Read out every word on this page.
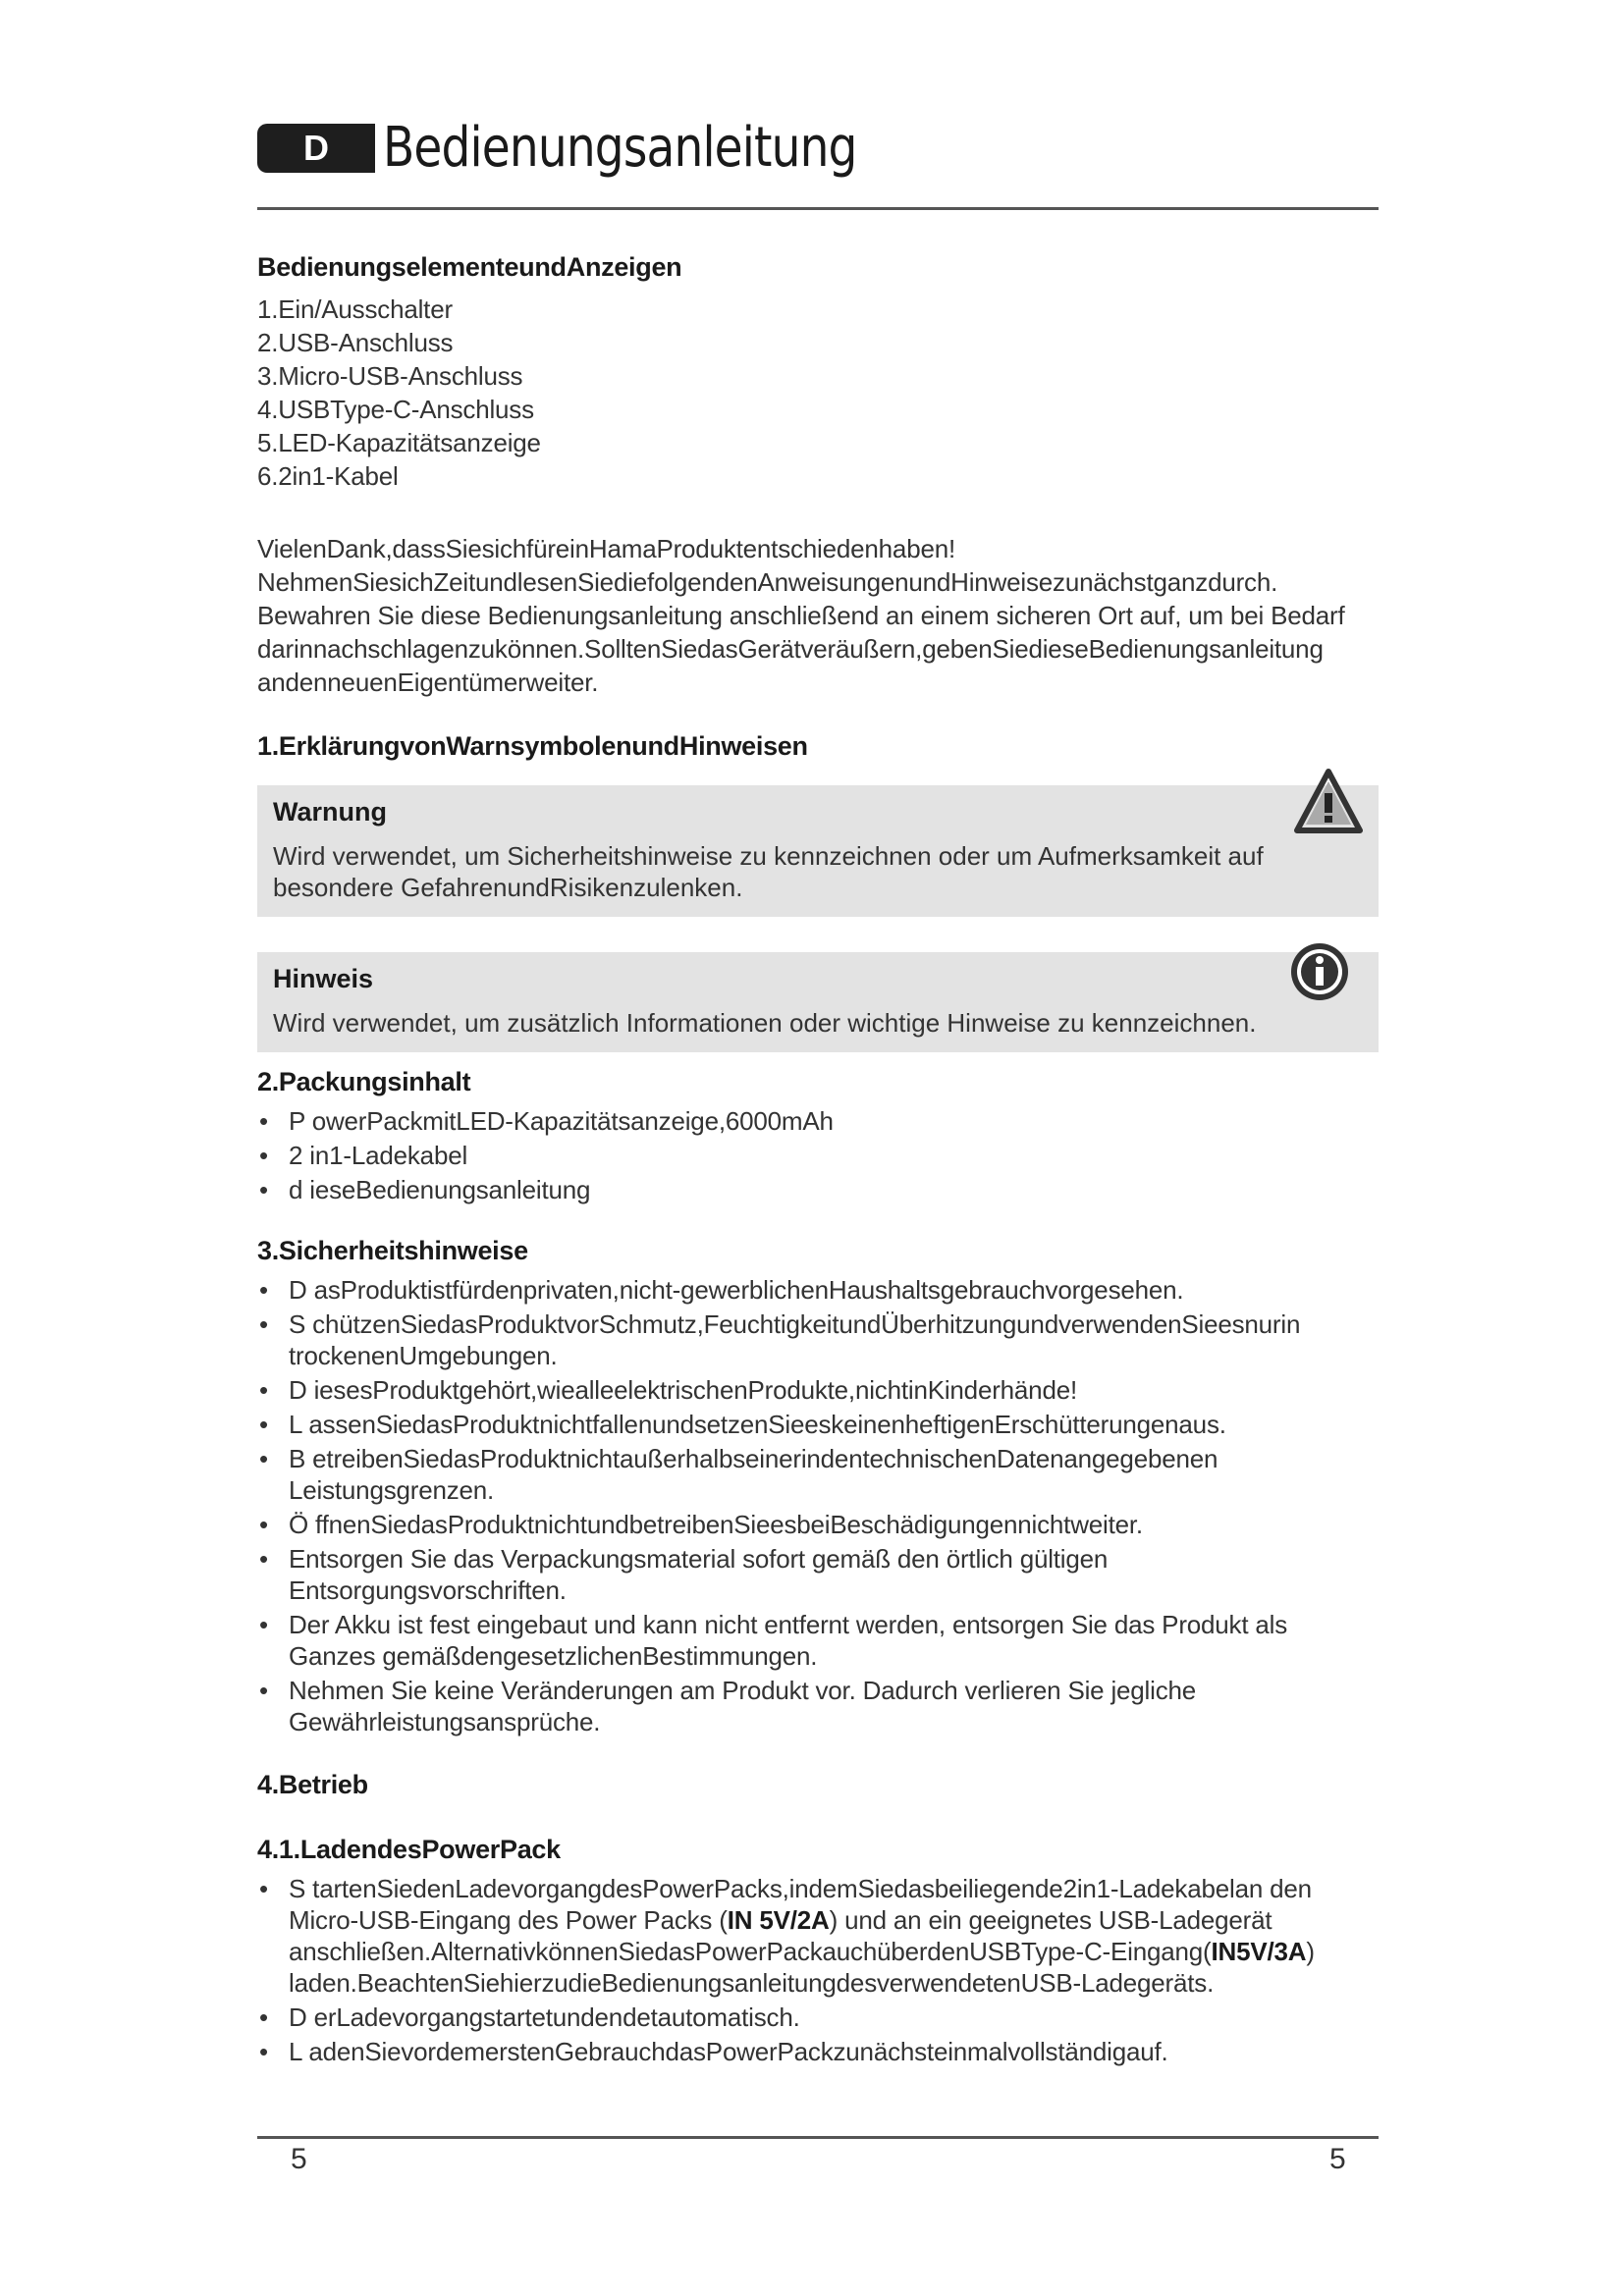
D Bedienungsanleitung
BedienungselementeundAnzeigen

1.Ein/Ausschalter

2.USB-Anschluss

3.Micro-USB-Anschluss

4.USBType-C-Anschluss

5.LED-Kapazitätsanzeige

6.2in1-Kabel

VielenDank,dassSiesichfüreinHamaProduktentschiedenhaben!

NehmenSiesichZeitundlesenSiediefolgendenAnweisungenundHinweisezunächstganzdurch.

Bewahren Sie diese Bedienungsanleitung anschließend an einem sicheren Ort auf, um bei Bedarf

darinnachschlagenzukönnen.SolltenSiedasGerätveräußern,gebenSiedieseBedienungsanleitung

andenneuenEigentümerweiter.

1.ErklärungvonWarnsymbolenundHinweisen
Warnung

Wird verwendet, um Sicherheitshinweise zu kennzeichnen oder um Aufmerksamkeit auf besondere GefahrenundRisikenzulenken.

Hinweis

Wird verwendet, um zusätzlich Informationen oder wichtige Hinweise zu kennzeichnen.

2.Packungsinhalt
• P owerPackmitLED-Kapazitätsanzeige,6000mAh
• 2 in1-Ladekabel
• d ieseBedienungsanleitung
3.Sicherheitshinweise
• D asProduktistfürdenprivaten,nicht-gewerblichenHaushaltsgebrauchvorgesehen.
• S chützenSiedasProduktvorSchmutz,FeuchtigkeitundÜberhitzungundverwendenSieesnurin trockenenUmgebungen.
• D iesesProduktgehört,wiealleelektrischenProdukte,nichtinKinderhände!
• L assenSiedasProduktnichtfallenundsetzenSieeskeinenheftigenErschütterungenaus.
• B etreibenSiedasProduktnichtaußerhalbseinerindentechnischenDatenangegebenen Leistungsgrenzen.
• Ö ffnenSiedasProduktnichtundbetreibenSieesbeiBeschädigungennichtweiter.
• Entsorgen Sie das Verpackungsmaterial sofort gemäß den örtlich gültigen Entsorgungsvorschriften.
• Der Akku ist fest eingebaut und kann nicht entfernt werden, entsorgen Sie das Produkt als Ganzes gemäßdengesetzlichenBestimmungen.
• Nehmen Sie keine Veränderungen am Produkt vor. Dadurch verlieren Sie jegliche Gewährleistungsansprüche.
4.Betrieb
4.1.LadendesPowerPack
• S tartenSiedenLadevorgangdesPowerPacks,indemSiedasbeiliegende2in1-Ladekabelan den Micro-USB-Eingang des Power Packs (IN 5V/2A) und an ein geeignetes USB-Ladegerät anschließen.AlternativkönnenSiedasPowerPackauchüberdenUSBType-C-Eingang(IN5V/3A) laden.BeachtenSiehierzudieBedienungsanleitungdesverwendetenUSB-Ladegeräts.
• D erLadevorgangstartetundendetautomatisch.
• L adenSievordemerstenGebrauchdasPowerPackzunächsteinmalvollständigauf.
5	5
